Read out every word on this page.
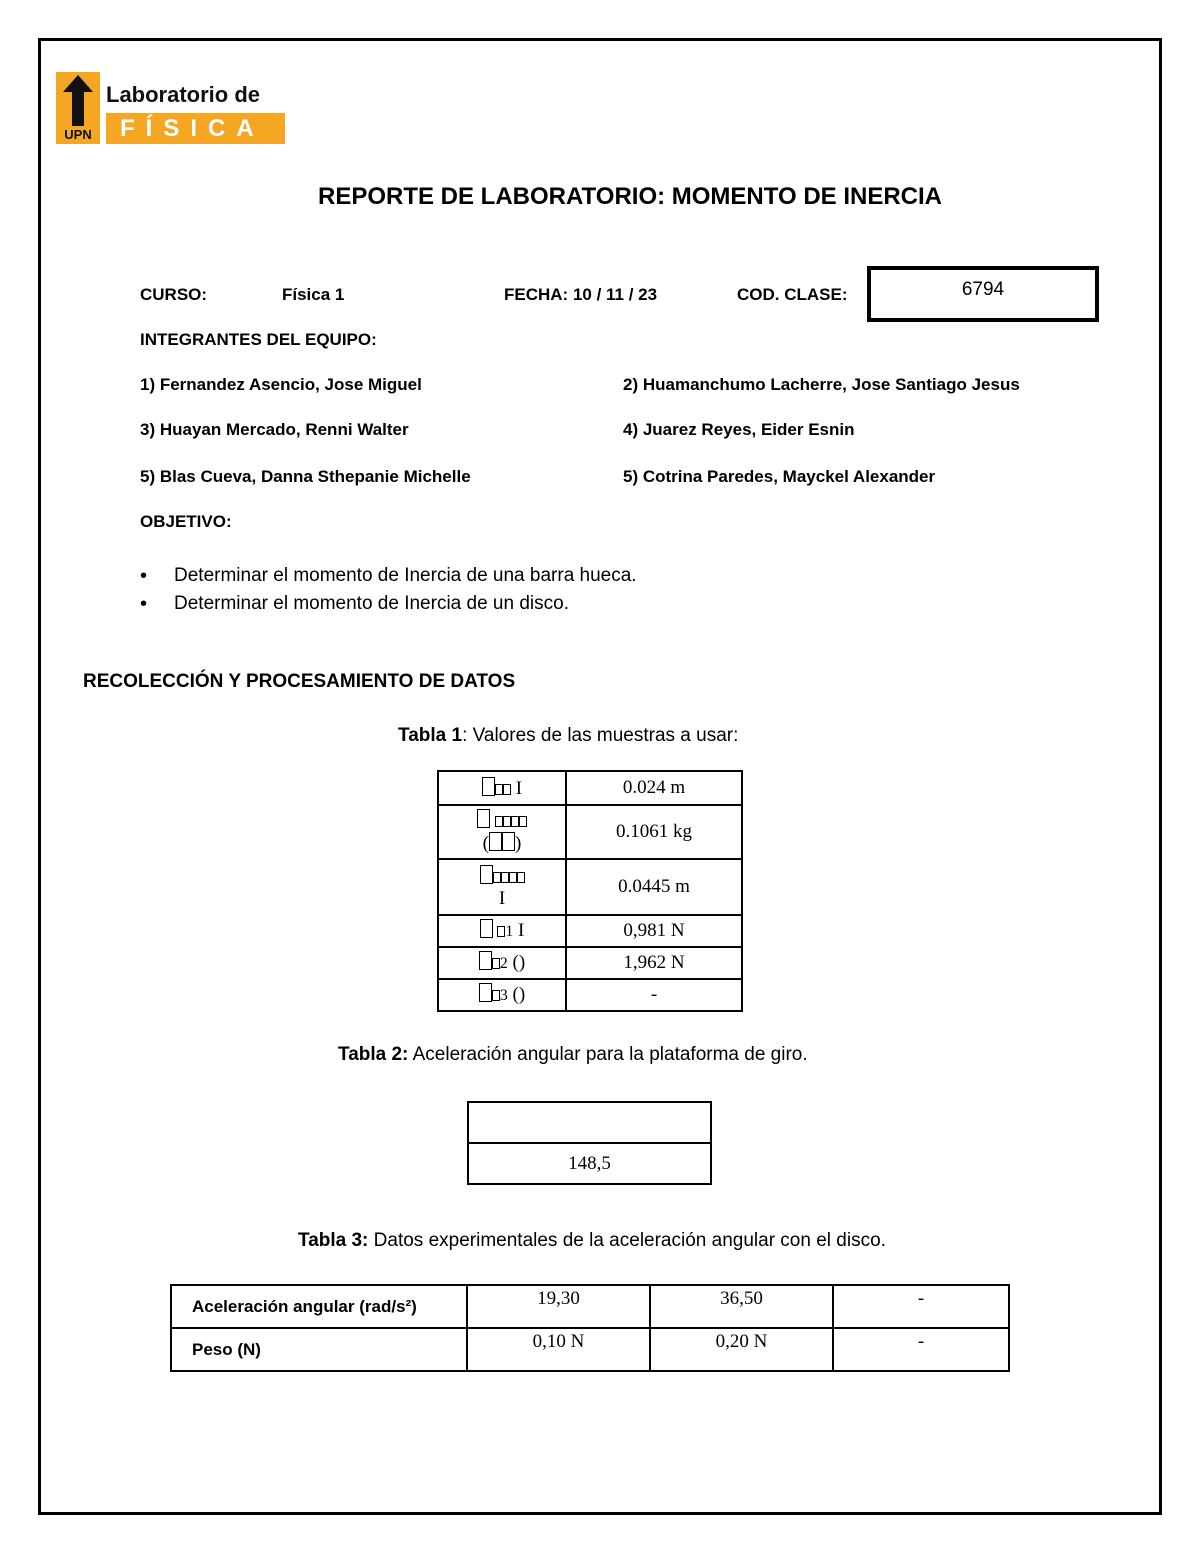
UPN
Laboratorio de
FÍSICA
REPORTE DE LABORATORIO: MOMENTO DE INERCIA
CURSO:	Física 1	FECHA: 10 / 11 / 23	COD. CLASE:	6794
INTEGRANTES DEL EQUIPO:
1) Fernandez Asencio, Jose Miguel	2) Huamanchumo Lacherre, Jose Santiago Jesus
3) Huayan Mercado, Renni Walter	4) Juarez Reyes, Eider Esnin
5) Blas Cueva, Danna Sthepanie Michelle	5) Cotrina Paredes, Mayckel Alexander
OBJETIVO:
• Determinar el momento de Inercia de una barra hueca.
• Determinar el momento de Inercia de un disco.
RECOLECCIÓN Y PROCESAMIENTO DE DATOS
Tabla 1: Valores de las muestras a usar:
I	0.024 m

( )	0.1061 kg

I	0.0445 m
1 I	0,981 N
2 ()	1,962 N
3 ()	-
Tabla 2: Aceleración angular para la plataforma de giro.

148,5
Tabla 3: Datos experimentales de la aceleración angular con el disco.
Aceleración angular (rad/s²)	19,30	36,50	-
Peso (N)	0,10 N	0,20 N	-
